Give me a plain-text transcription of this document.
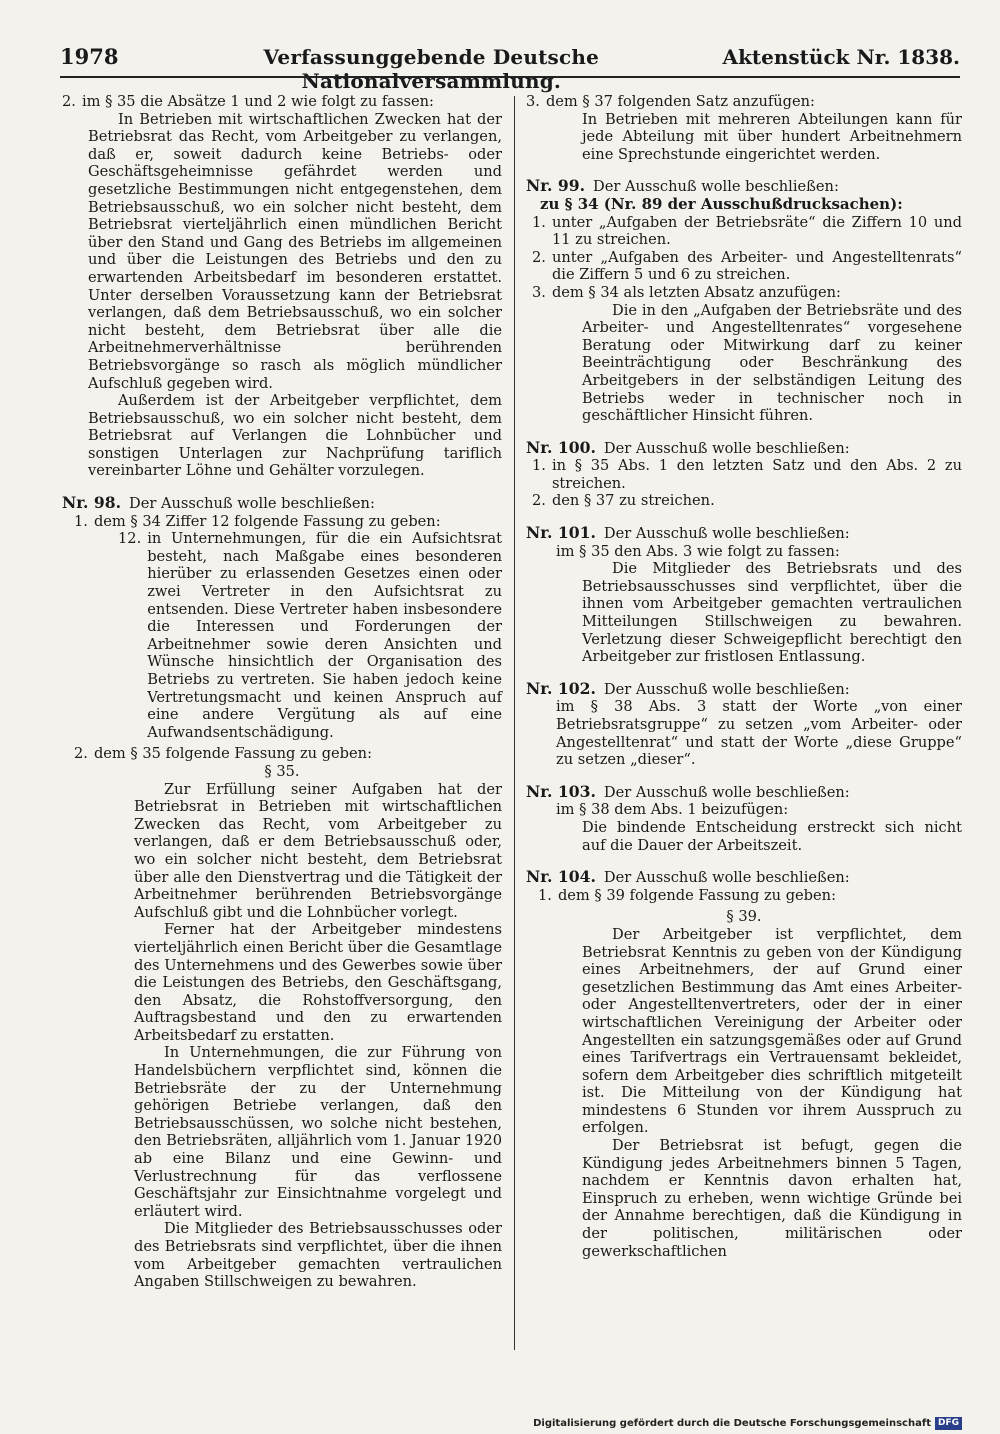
1978	Verfassunggebende Deutsche Nationalversammlung.
Aktenstück Nr. 1838.
2. im § 35 die Absätze 1 und 2 wie folgt zu fassen:

In Betrieben mit wirtschaftlichen Zwecken hat der Betriebsrat das Recht, vom Arbeitgeber zu verlangen, daß er, soweit dadurch keine Betriebs- oder Geschäftsgeheimnisse gefährdet werden und gesetzliche Bestimmungen nicht entgegenstehen, dem Betriebsausschuß, wo ein solcher nicht besteht, dem Betriebsrat vierteljährlich einen mündlichen Bericht über den Stand und Gang des Betriebs im allgemeinen und über die Leistungen des Betriebs und den zu erwartenden Arbeitsbedarf im besonderen erstattet. Unter derselben Voraussetzung kann der Betriebsrat verlangen, daß dem Betriebsausschuß, wo ein solcher nicht besteht, dem Betriebsrat über alle die Arbeitnehmerverhältnisse berührenden Betriebsvorgänge so rasch als möglich mündlicher Aufschluß gegeben wird.

Außerdem ist der Arbeitgeber verpflichtet, dem Betriebsausschuß, wo ein solcher nicht besteht, dem Betriebsrat auf Verlangen die Lohnbücher und sonstigen Unterlagen zur Nachprüfung tariflich vereinbarter Löhne und Gehälter vorzulegen.

Nr. 98. Der Ausschuß wolle beschließen:
1. dem § 34 Ziffer 12 folgende Fassung zu geben:
12. in Unternehmungen, für die ein Aufsichtsrat besteht, nach Maßgabe eines besonderen hierüber zu erlassenden Gesetzes einen oder zwei Vertreter in den Aufsichtsrat zu entsenden. Diese Vertreter haben insbesondere die Interessen und Forderungen der Arbeitnehmer sowie deren Ansichten und Wünsche hinsichtlich der Organisation des Betriebs zu vertreten. Sie haben jedoch keine Vertretungsmacht und keinen Anspruch auf eine andere Vergütung als auf eine Aufwandsentschädigung.
2. dem § 35 folgende Fassung zu geben:
§ 35.

Zur Erfüllung seiner Aufgaben hat der Betriebsrat in Betrieben mit wirtschaftlichen Zwecken das Recht, vom Arbeitgeber zu verlangen, daß er dem Betriebsausschuß oder, wo ein solcher nicht besteht, dem Betriebsrat über alle den Dienstvertrag und die Tätigkeit der Arbeitnehmer berührenden Betriebsvorgänge Aufschluß gibt und die Lohnbücher vorlegt.

Ferner hat der Arbeitgeber mindestens vierteljährlich einen Bericht über die Gesamtlage des Unternehmens und des Gewerbes sowie über die Leistungen des Betriebs, den Geschäftsgang, den Absatz, die Rohstoffversorgung, den Auftragsbestand und den zu erwartenden Arbeitsbedarf zu erstatten.

In Unternehmungen, die zur Führung von Handelsbüchern verpflichtet sind, können die Betriebsräte der zu der Unternehmung gehörigen Betriebe verlangen, daß den Betriebsausschüssen, wo solche nicht bestehen, den Betriebsräten, alljährlich vom 1. Januar 1920 ab eine Bilanz und eine Gewinn- und Verlustrechnung für das verflossene Geschäftsjahr zur Einsichtnahme vorgelegt und erläutert wird.

Die Mitglieder des Betriebsausschusses oder des Betriebsrats sind verpflichtet, über die ihnen vom Arbeitgeber gemachten vertraulichen Angaben Stillschweigen zu bewahren.

3. dem § 37 folgenden Satz anzufügen:

In Betrieben mit mehreren Abteilungen kann für jede Abteilung mit über hundert Arbeitnehmern eine Sprechstunde eingerichtet werden.

Nr. 99. Der Ausschuß wolle beschließen:
zu § 34 (Nr. 89 der Ausschußdrucksachen):
1. unter „Aufgaben der Betriebsräte“ die Ziffern 10 und 11 zu streichen.
2. unter „Aufgaben des Arbeiter- und Angestelltenrats“ die Ziffern 5 und 6 zu streichen.
3. dem § 34 als letzten Absatz anzufügen:

Die in den „Aufgaben der Betriebsräte und des Arbeiter- und Angestelltenrates“ vorgesehene Beratung oder Mitwirkung darf zu keiner Beeinträchtigung oder Beschränkung des Arbeitgebers in der selbständigen Leitung des Betriebs weder in technischer noch in geschäftlicher Hinsicht führen.

Nr. 100. Der Ausschuß wolle beschließen:
1. in § 35 Abs. 1 den letzten Satz und den Abs. 2 zu streichen.
2. den § 37 zu streichen.
Nr. 101. Der Ausschuß wolle beschließen:

im § 35 den Abs. 3 wie folgt zu fassen:

Die Mitglieder des Betriebsrats und des Betriebsausschusses sind verpflichtet, über die ihnen vom Arbeitgeber gemachten vertraulichen Mitteilungen Stillschweigen zu bewahren. Verletzung dieser Schweigepflicht berechtigt den Arbeitgeber zur fristlosen Entlassung.

Nr. 102. Der Ausschuß wolle beschließen:

im § 38 Abs. 3 statt der Worte „von einer Betriebsratsgruppe“ zu setzen „vom Arbeiter- oder Angestelltenrat“ und statt der Worte „diese Gruppe“ zu setzen „dieser“.

Nr. 103. Der Ausschuß wolle beschließen:

im § 38 dem Abs. 1 beizufügen:

Die bindende Entscheidung erstreckt sich nicht auf die Dauer der Arbeitszeit.

Nr. 104. Der Ausschuß wolle beschließen:
1. dem § 39 folgende Fassung zu geben:
§ 39.

Der Arbeitgeber ist verpflichtet, dem Betriebsrat Kenntnis zu geben von der Kündigung eines Arbeitnehmers, der auf Grund einer gesetzlichen Bestimmung das Amt eines Arbeiter- oder Angestelltenvertreters, oder der in einer wirtschaftlichen Vereinigung der Arbeiter oder Angestellten ein satzungsgemäßes oder auf Grund eines Tarifvertrags ein Vertrauensamt bekleidet, sofern dem Arbeitgeber dies schriftlich mitgeteilt ist. Die Mitteilung von der Kündigung hat mindestens 6 Stunden vor ihrem Ausspruch zu erfolgen.

Der Betriebsrat ist befugt, gegen die Kündigung jedes Arbeitnehmers binnen 5 Tagen, nachdem er Kenntnis davon erhalten hat, Einspruch zu erheben, wenn wichtige Gründe bei der Annahme berechtigen, daß die Kündigung in der politischen, militärischen oder gewerkschaftlichen

Digitalisierung gefördert durch die Deutsche Forschungsgemeinschaft DFG
